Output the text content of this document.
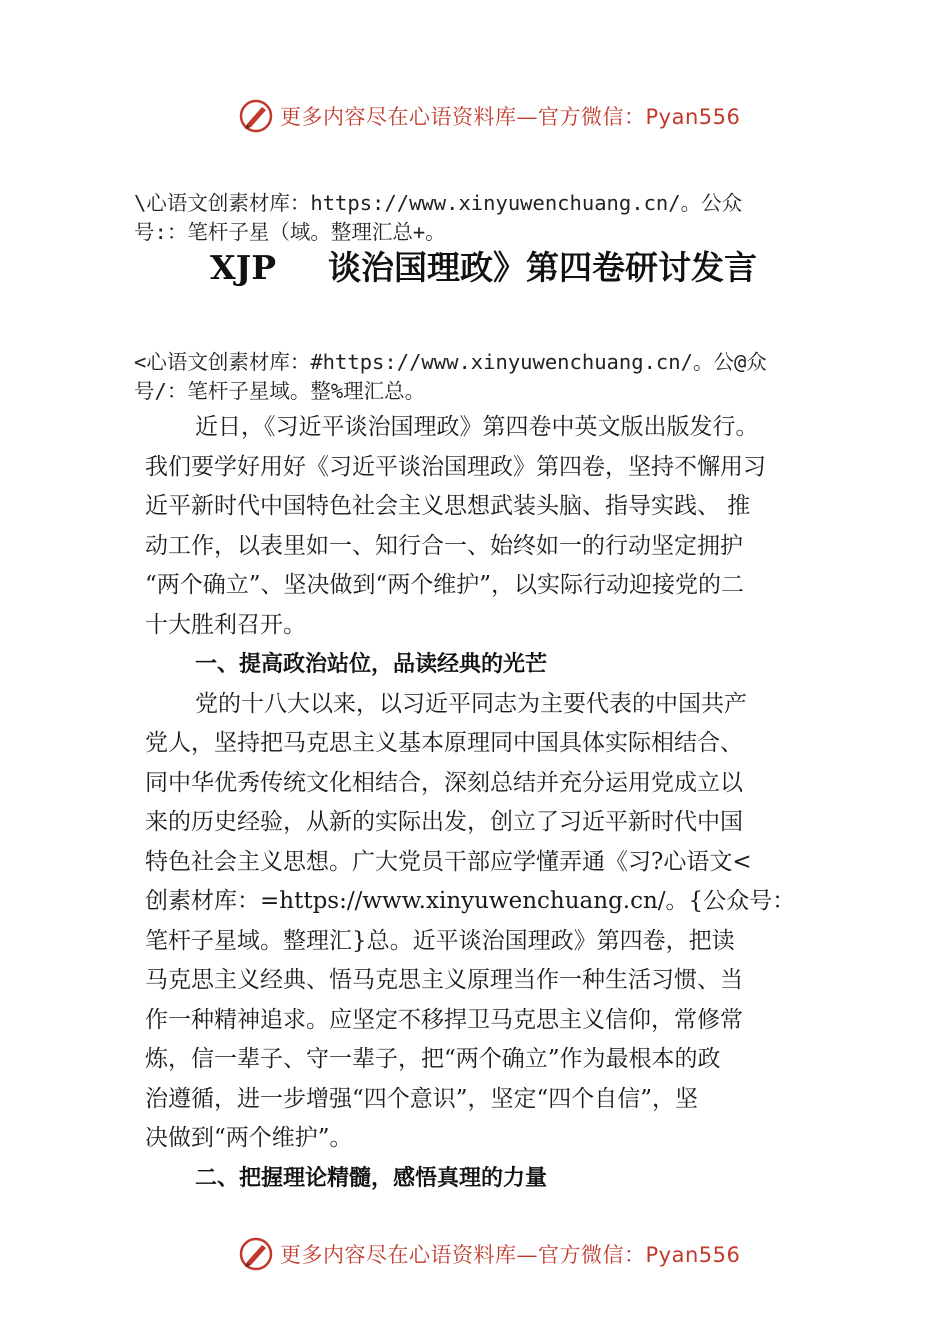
更多内容尽在心语资料库—官方微信：Pyan556
\心语文创素材库：https://www.xinyuwenchuang.cn/。公众
号:：笔杆子星（域。整理汇总+。
XJP 谈治国理政》第四卷研讨发言
<心语文创素材库：#https://www.xinyuwenchuang.cn/。公@众
号/：笔杆子星域。整%理汇总。

近日，《习近平谈治国理政》第四卷中英文版出版发行。
我们要学好用好《习近平谈治国理政》第四卷，坚持不懈用习
近平新时代中国特色社会主义思想武装头脑、指导实践、 推
动工作，以表里如一、知行合一、始终如一的行动坚定拥护
“两个确立”、坚决做到“两个维护”，以实际行动迎接党的二
十大胜利召开。

一、提高政治站位，品读经典的光芒

党的十八大以来，以习近平同志为主要代表的中国共产
党人，坚持把马克思主义基本原理同中国具体实际相结合、
同中华优秀传统文化相结合，深刻总结并充分运用党成立以
来的历史经验，从新的实际出发，创立了习近平新时代中国
特色社会主义思想。广大党员干部应学懂弄通《习?心语文<
创素材库：=https://www.xinyuwenchuang.cn/。{公众号：
笔杆子星域。整理汇}总。近平谈治国理政》第四卷，把读
马克思主义经典、悟马克思主义原理当作一种生活习惯、当
作一种精神追求。应坚定不移捍卫马克思主义信仰，常修常
炼，信一辈子、守一辈子，把“两个确立”作为最根本的政
治遵循，进一步增强“四个意识”，坚定“四个自信”，坚
决做到“两个维护”。

二、把握理论精髓，感悟真理的力量
更多内容尽在心语资料库—官方微信：Pyan556
